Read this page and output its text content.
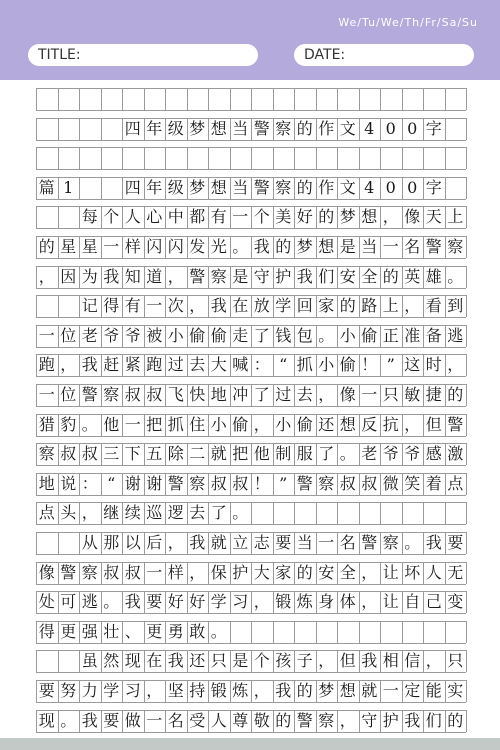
We/Tu/We/Th/Fr/Sa/Su
TITLE:	DATE:
四 年 级 梦 想 当 警 察 的 作 文 4 0 0 字
篇 1	四 年 级 梦 想 当 警 察 的 作 文 4 0 0 字
每 个 人 心 中 都 有 一 个 美 好 的 梦 想 ， 像 天 上
的 星 星 一 样 闪 闪 发 光 。 我 的 梦 想 是 当 一 名 警 察
， 因 为 我 知 道 ， 警 察 是 守 护 我 们 安 全 的 英 雄 。
记 得 有 一 次 ， 我 在 放 学 回 家 的 路 上 ， 看 到
一 位 老 爷 爷 被 小 偷 偷 走 了 钱 包 。 小 偷 正 准 备 逃
跑 ， 我 赶 紧 跑 过 去 大 喊 ： “ 抓 小 偷 ！ ” 这 时 ，
一 位 警 察 叔 叔 飞 快 地 冲 了 过 去 ， 像 一 只 敏 捷 的
猎 豹 。 他 一 把 抓 住 小 偷 ， 小 偷 还 想 反 抗 ， 但 警
察 叔 叔 三 下 五 除 二 就 把 他 制 服 了 。 老 爷 爷 感 激
地 说 ： “ 谢 谢 警 察 叔 叔 ！ ” 警 察 叔 叔 微 笑 着 点
点 头 ， 继 续 巡 逻 去 了 。
从 那 以 后 ， 我 就 立 志 要 当 一 名 警 察 。 我 要
像 警 察 叔 叔 一 样 ， 保 护 大 家 的 安 全 ， 让 坏 人 无
处 可 逃 。 我 要 好 好 学 习 ， 锻 炼 身 体 ， 让 自 己 变
得 更 强 壮 、 更 勇 敢 。
虽 然 现 在 我 还 只 是 个 孩 子 ， 但 我 相 信 ， 只
要 努 力 学 习 ， 坚 持 锻 炼 ， 我 的 梦 想 就 一 定 能 实
现 。 我 要 做 一 名 受 人 尊 敬 的 警 察 ， 守 护 我 们 的
